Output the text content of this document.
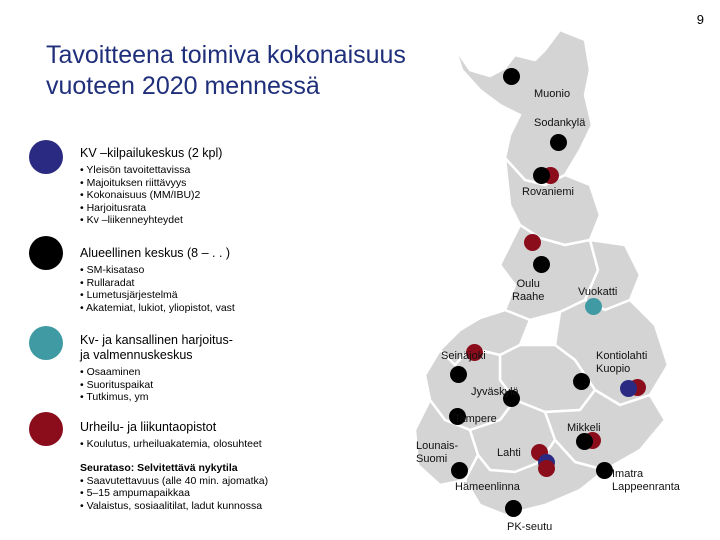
9
Tavoitteena toimiva kokonaisuus
vuoteen 2020 mennessä

KV –kilpailukeskus (2 kpl)

• Yleisön tavoitettavissa
• Majoituksen riittävyys
• Kokonaisuus (MM/IBU)2
• Harjoitusrata
• Kv –liikenneyhteydet

Alueellinen keskus (8 – . . )

• SM-kisataso
• Rullaradat
• Lumetusjärjestelmä
• Akatemiat, lukiot, yliopistot, vast

Kv- ja kansallinen harjoitus-
ja valmennuskeskus

• Osaaminen
• Suorituspaikat
• Tutkimus, ym

Urheilu- ja liikuntaopistot

• Koulutus, urheiluakatemia, olosuhteet

Seurataso: Selvitettävä nykytila

• Saavutettavuus (alle 40 min. ajomatka)
• 5–15 ampumapaikkaa
• Valaistus, sosiaalitilat, ladut kunnossa
Muonio
Sodankylä
Rovaniemi
Oulu
Raahe	Vuokatti
Seinäjoki	Kontiolahti
Kuopio
Jyväskylä
Tampere
Mikkeli
Lounais-
Suomi	Lahti
Imatra
Lappeenranta
Hämeenlinna
PK-seutu
